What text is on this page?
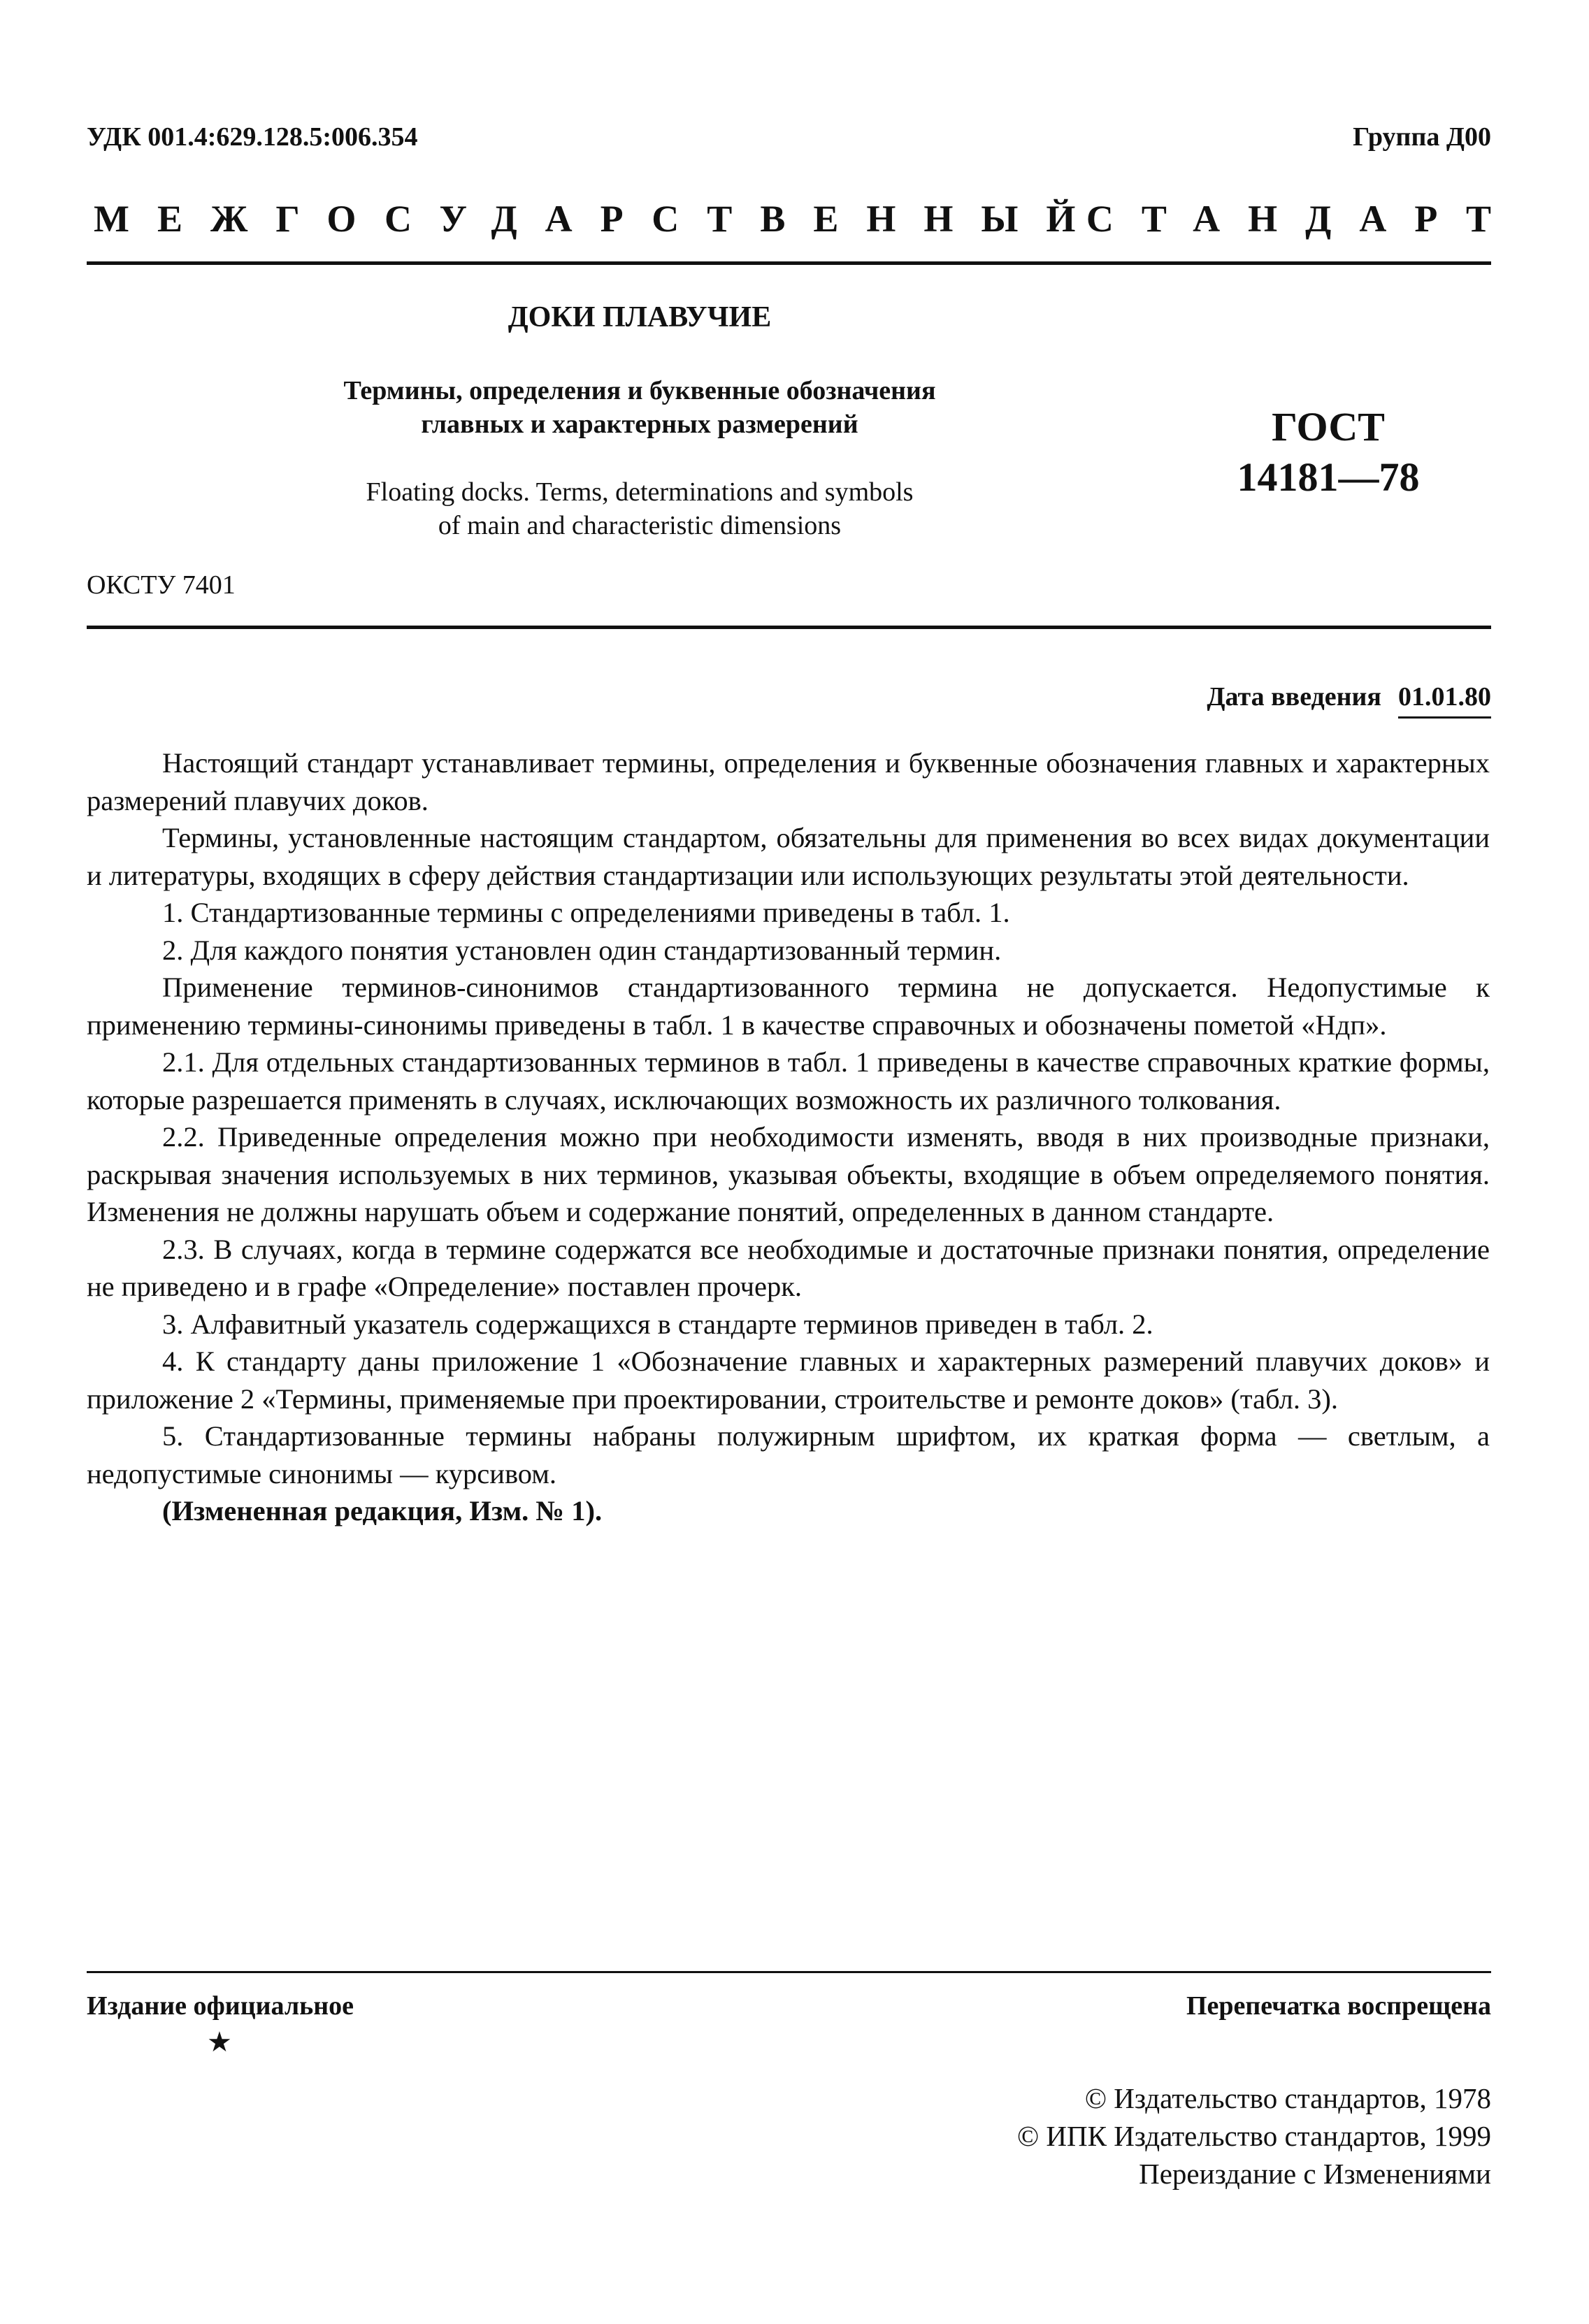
УДК 001.4:629.128.5:006.354	Группа Д00
МЕЖГОСУДАРСТВЕННЫЙ
СТАНДАРТ
ДОКИ ПЛАВУЧИЕ
Термины, определения и буквенные обозначения
главных и характерных размерений
Floating docks. Terms, determinations and symbols
of main and characteristic dimensions
ГОСТ
14181—78
ОКСТУ 7401
Дата введения 01.01.80

Настоящий стандарт устанавливает термины, определения и буквенные обозначения главных и характерных размерений плавучих доков.

Термины, установленные настоящим стандартом, обязательны для применения во всех видах документации и литературы, входящих в сферу действия стандартизации или использующих результаты этой деятельности.

1. Стандартизованные термины с определениями приведены в табл. 1.

2. Для каждого понятия установлен один стандартизованный термин.

Применение терминов-синонимов стандартизованного термина не допускается. Недопустимые к применению термины-синонимы приведены в табл. 1 в качестве справочных и обозначены пометой «Ндп».

2.1. Для отдельных стандартизованных терминов в табл. 1 приведены в качестве справочных краткие формы, которые разрешается применять в случаях, исключающих возможность их различного толкования.

2.2. Приведенные определения можно при необходимости изменять, вводя в них производные признаки, раскрывая значения используемых в них терминов, указывая объекты, входящие в объем определяемого понятия. Изменения не должны нарушать объем и содержание понятий, определенных в данном стандарте.

2.3. В случаях, когда в термине содержатся все необходимые и достаточные признаки понятия, определение не приведено и в графе «Определение» поставлен прочерк.

3. Алфавитный указатель содержащихся в стандарте терминов приведен в табл. 2.

4. К стандарту даны приложение 1 «Обозначение главных и характерных размерений плавучих доков» и приложение 2 «Термины, применяемые при проектировании, строительстве и ремонте доков» (табл. 3).

5. Стандартизованные термины набраны полужирным шрифтом, их краткая форма — светлым, а недопустимые синонимы — курсивом.

(Измененная редакция, Изм. № 1).

Издание официальное
★
Перепечатка воспрещена
© Издательство стандартов, 1978
© ИПК Издательство стандартов, 1999
Переиздание с Изменениями
